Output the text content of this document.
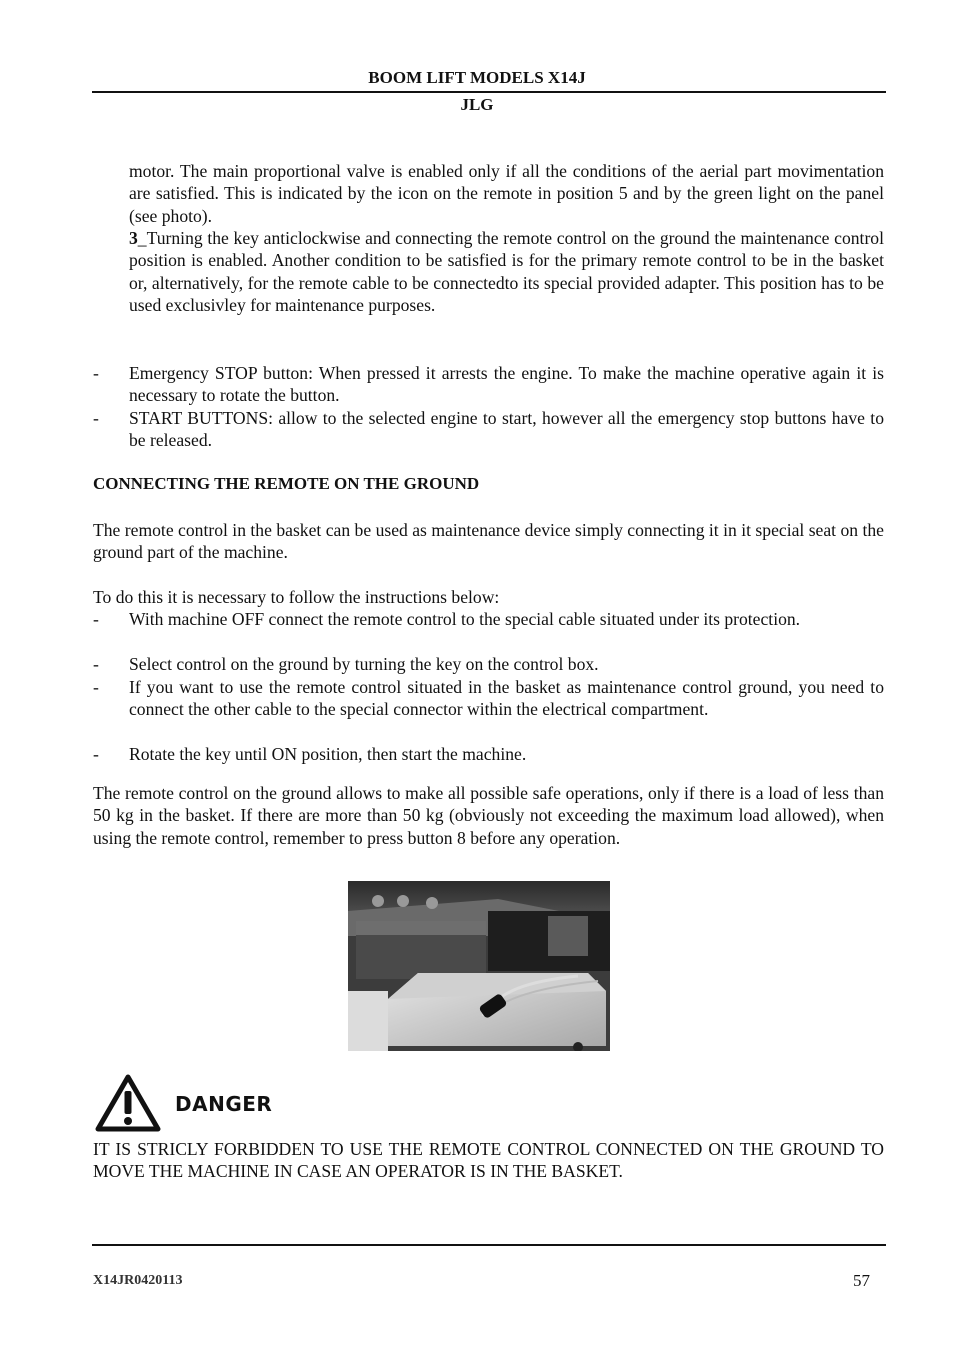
BOOM LIFT MODELS X14J
JLG
motor. The main proportional valve is enabled only if all the conditions of the aerial part movimentation are satisfied. This is indicated by the icon on the remote in position 5 and by the green light on the panel (see photo).
3_Turning the key anticlockwise and connecting the remote control on the ground the maintenance control position is enabled. Another condition to be satisfied is for the primary remote control to be in the basket or, alternatively, for the remote cable to be connectedto its special provided adapter. This position has to be used exclusivley for maintenance purposes.
- Emergency STOP button: When pressed it arrests the engine. To make the machine operative again it is necessary to rotate the button.
- START BUTTONS: allow to the selected engine to start, however all the emergency stop buttons have to be released.
CONNECTING THE REMOTE ON THE GROUND
The remote control in the basket can be used as maintenance device simply connecting it in it special seat on the ground part of the machine.
To do this it is necessary to follow the instructions below:
- With machine OFF connect the remote control to the special cable situated under its protection.
- Select control on the ground by turning the key on the control box.
- If you want to use the remote control situated in the basket as maintenance control ground, you need to connect the other cable to the special connector within the electrical compartment.
- Rotate the key until ON position, then start the machine.
The remote control on the ground allows to make all possible safe operations, only if there is a load of less than 50 kg in the basket. If there are more than 50 kg (obviously not exceeding the maximum load allowed), when using the remote control, remember to press button 8 before any operation.
DANGER
IT IS STRICLY FORBIDDEN TO USE THE REMOTE CONTROL CONNECTED ON THE GROUND TO MOVE THE MACHINE IN CASE AN OPERATOR IS IN THE BASKET.
X14JR0420113	57
